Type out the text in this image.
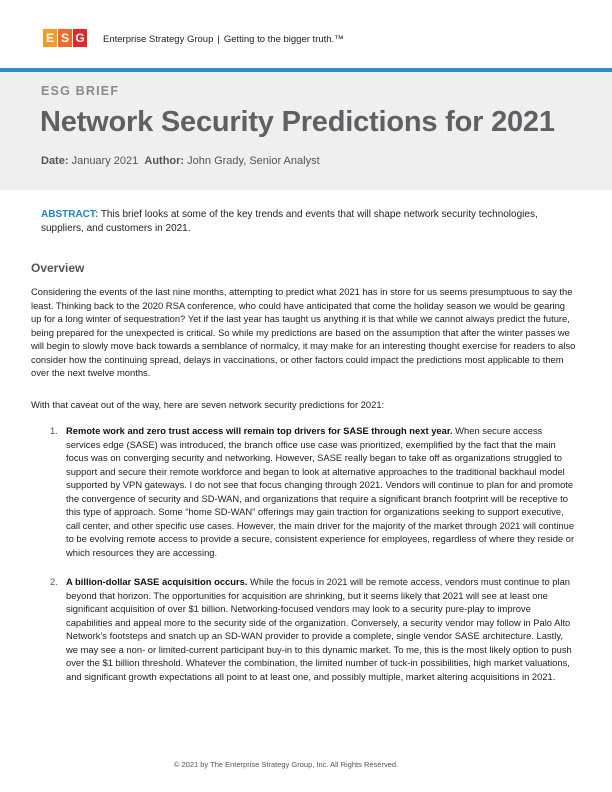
E S G Enterprise Strategy Group | Getting to the bigger truth.™
ESG BRIEF
Network Security Predictions for 2021
Date: January 2021 Author: John Grady, Senior Analyst
ABSTRACT: This brief looks at some of the key trends and events that will shape network security technologies, suppliers, and customers in 2021.
Overview
Considering the events of the last nine months, attempting to predict what 2021 has in store for us seems presumptuous to say the least. Thinking back to the 2020 RSA conference, who could have anticipated that come the holiday season we would be gearing up for a long winter of sequestration? Yet if the last year has taught us anything it is that while we cannot always predict the future, being prepared for the unexpected is critical. So while my predictions are based on the assumption that after the winter passes we will begin to slowly move back towards a semblance of normalcy, it may make for an interesting thought exercise for readers to also consider how the continuing spread, delays in vaccinations, or other factors could impact the predictions most applicable to them over the next twelve months.
With that caveat out of the way, here are seven network security predictions for 2021:
1. Remote work and zero trust access will remain top drivers for SASE through next year. When secure access services edge (SASE) was introduced, the branch office use case was prioritized, exemplified by the fact that the main focus was on converging security and networking. However, SASE really began to take off as organizations struggled to support and secure their remote workforce and began to look at alternative approaches to the traditional backhaul model supported by VPN gateways. I do not see that focus changing through 2021. Vendors will continue to plan for and promote the convergence of security and SD-WAN, and organizations that require a significant branch footprint will be receptive to this type of approach. Some “home SD-WAN” offerings may gain traction for organizations seeking to support executive, call center, and other specific use cases. However, the main driver for the majority of the market through 2021 will continue to be evolving remote access to provide a secure, consistent experience for employees, regardless of where they reside or which resources they are accessing.
2. A billion-dollar SASE acquisition occurs. While the focus in 2021 will be remote access, vendors must continue to plan beyond that horizon. The opportunities for acquisition are shrinking, but it seems likely that 2021 will see at least one significant acquisition of over $1 billion. Networking-focused vendors may look to a security pure-play to improve capabilities and appeal more to the security side of the organization. Conversely, a security vendor may follow in Palo Alto Network’s footsteps and snatch up an SD-WAN provider to provide a complete, single vendor SASE architecture. Lastly, we may see a non- or limited-current participant buy-in to this dynamic market. To me, this is the most likely option to push over the $1 billion threshold. Whatever the combination, the limited number of tuck-in possibilities, high market valuations, and significant growth expectations all point to at least one, and possibly multiple, market altering acquisitions in 2021.
© 2021 by The Enterprise Strategy Group, Inc. All Rights Reserved.
